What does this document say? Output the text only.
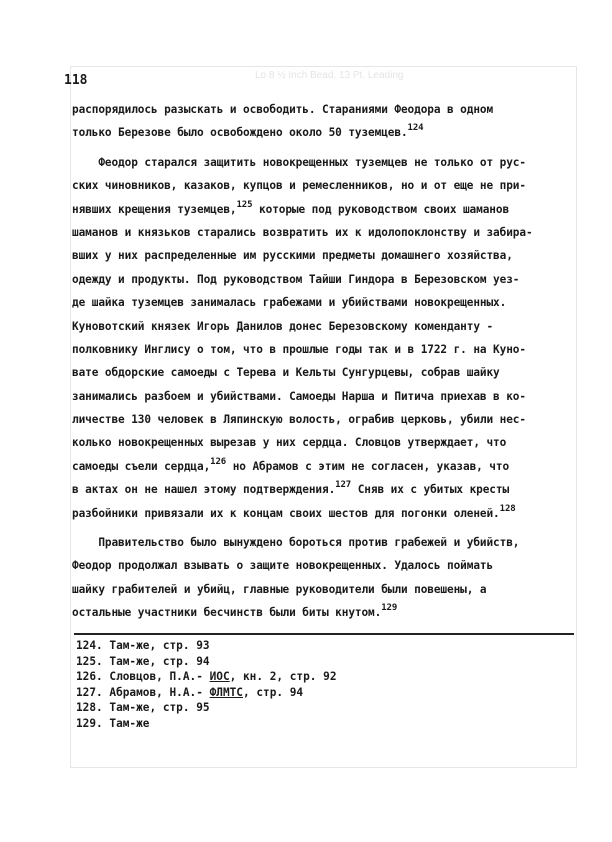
Lo 8 ½ Inch Bead, 13 Pt. Leading
118
распорядилось разыскать и освободить. Стараниями Феодора в одном
только Березове было освобождено около 50 туземцев.$^{124}$
Феодор старался защитить новокрещенных туземцев не только от рус-
ских чиновников, казаков, купцов и ремесленников, но и от еще не при-
нявших крещения туземцев,$^{125}$ которые под руководством своих шаманов
шаманов и князьков старались возвратить их к идолопоклонству и забира-
вших у них распределенные им русскими предметы домашнего хозяйства,
одежду и продукты. Под руководством Тайши Гиндора в Березовском уез-
де шайка туземцев занималась грабежами и убийствами новокрещенных.
Куновотский князек Игорь Данилов донес Березовскому коменданту -
полковнику Инглису о том, что в прошлые годы так и в 1722 г. на Куно-
вате обдорские самоеды с Терева и Кельты Сунгурцевы, собрав шайку
занимались разбоем и убийствами. Самоеды Нарша и Питича приехав в ко-
личестве 130 человек в Ляпинскую волость, ограбив церковь, убили нес-
колько новокрещенных вырезав у них сердца. Словцов утверждает, что
самоеды съели сердца,$^{126}$ но Абрамов с этим не согласен, указав, что
в актах он не нашел этому подтверждения.$^{127}$ Сняв их с убитых кресты
разбойники привязали их к концам своих шестов для погонки оленей.$^{128}$
Правительство было вынуждено бороться против грабежей и убийств,
Феодор продолжал взывать о защите новокрещенных. Удалось поймать
шайку грабителей и убийц, главные руководители были повешены, а
остальные участники бесчинств были биты кнутом.$^{129}$
124. Там-же, стр. 93
125. Там-же, стр. 94
126. Словцов, П.А.- ИОС, кн. 2, стр. 92
127. Абрамов, Н.А.- ФЛМТС, стр. 94
128. Там-же, стр. 95
129. Там-же
